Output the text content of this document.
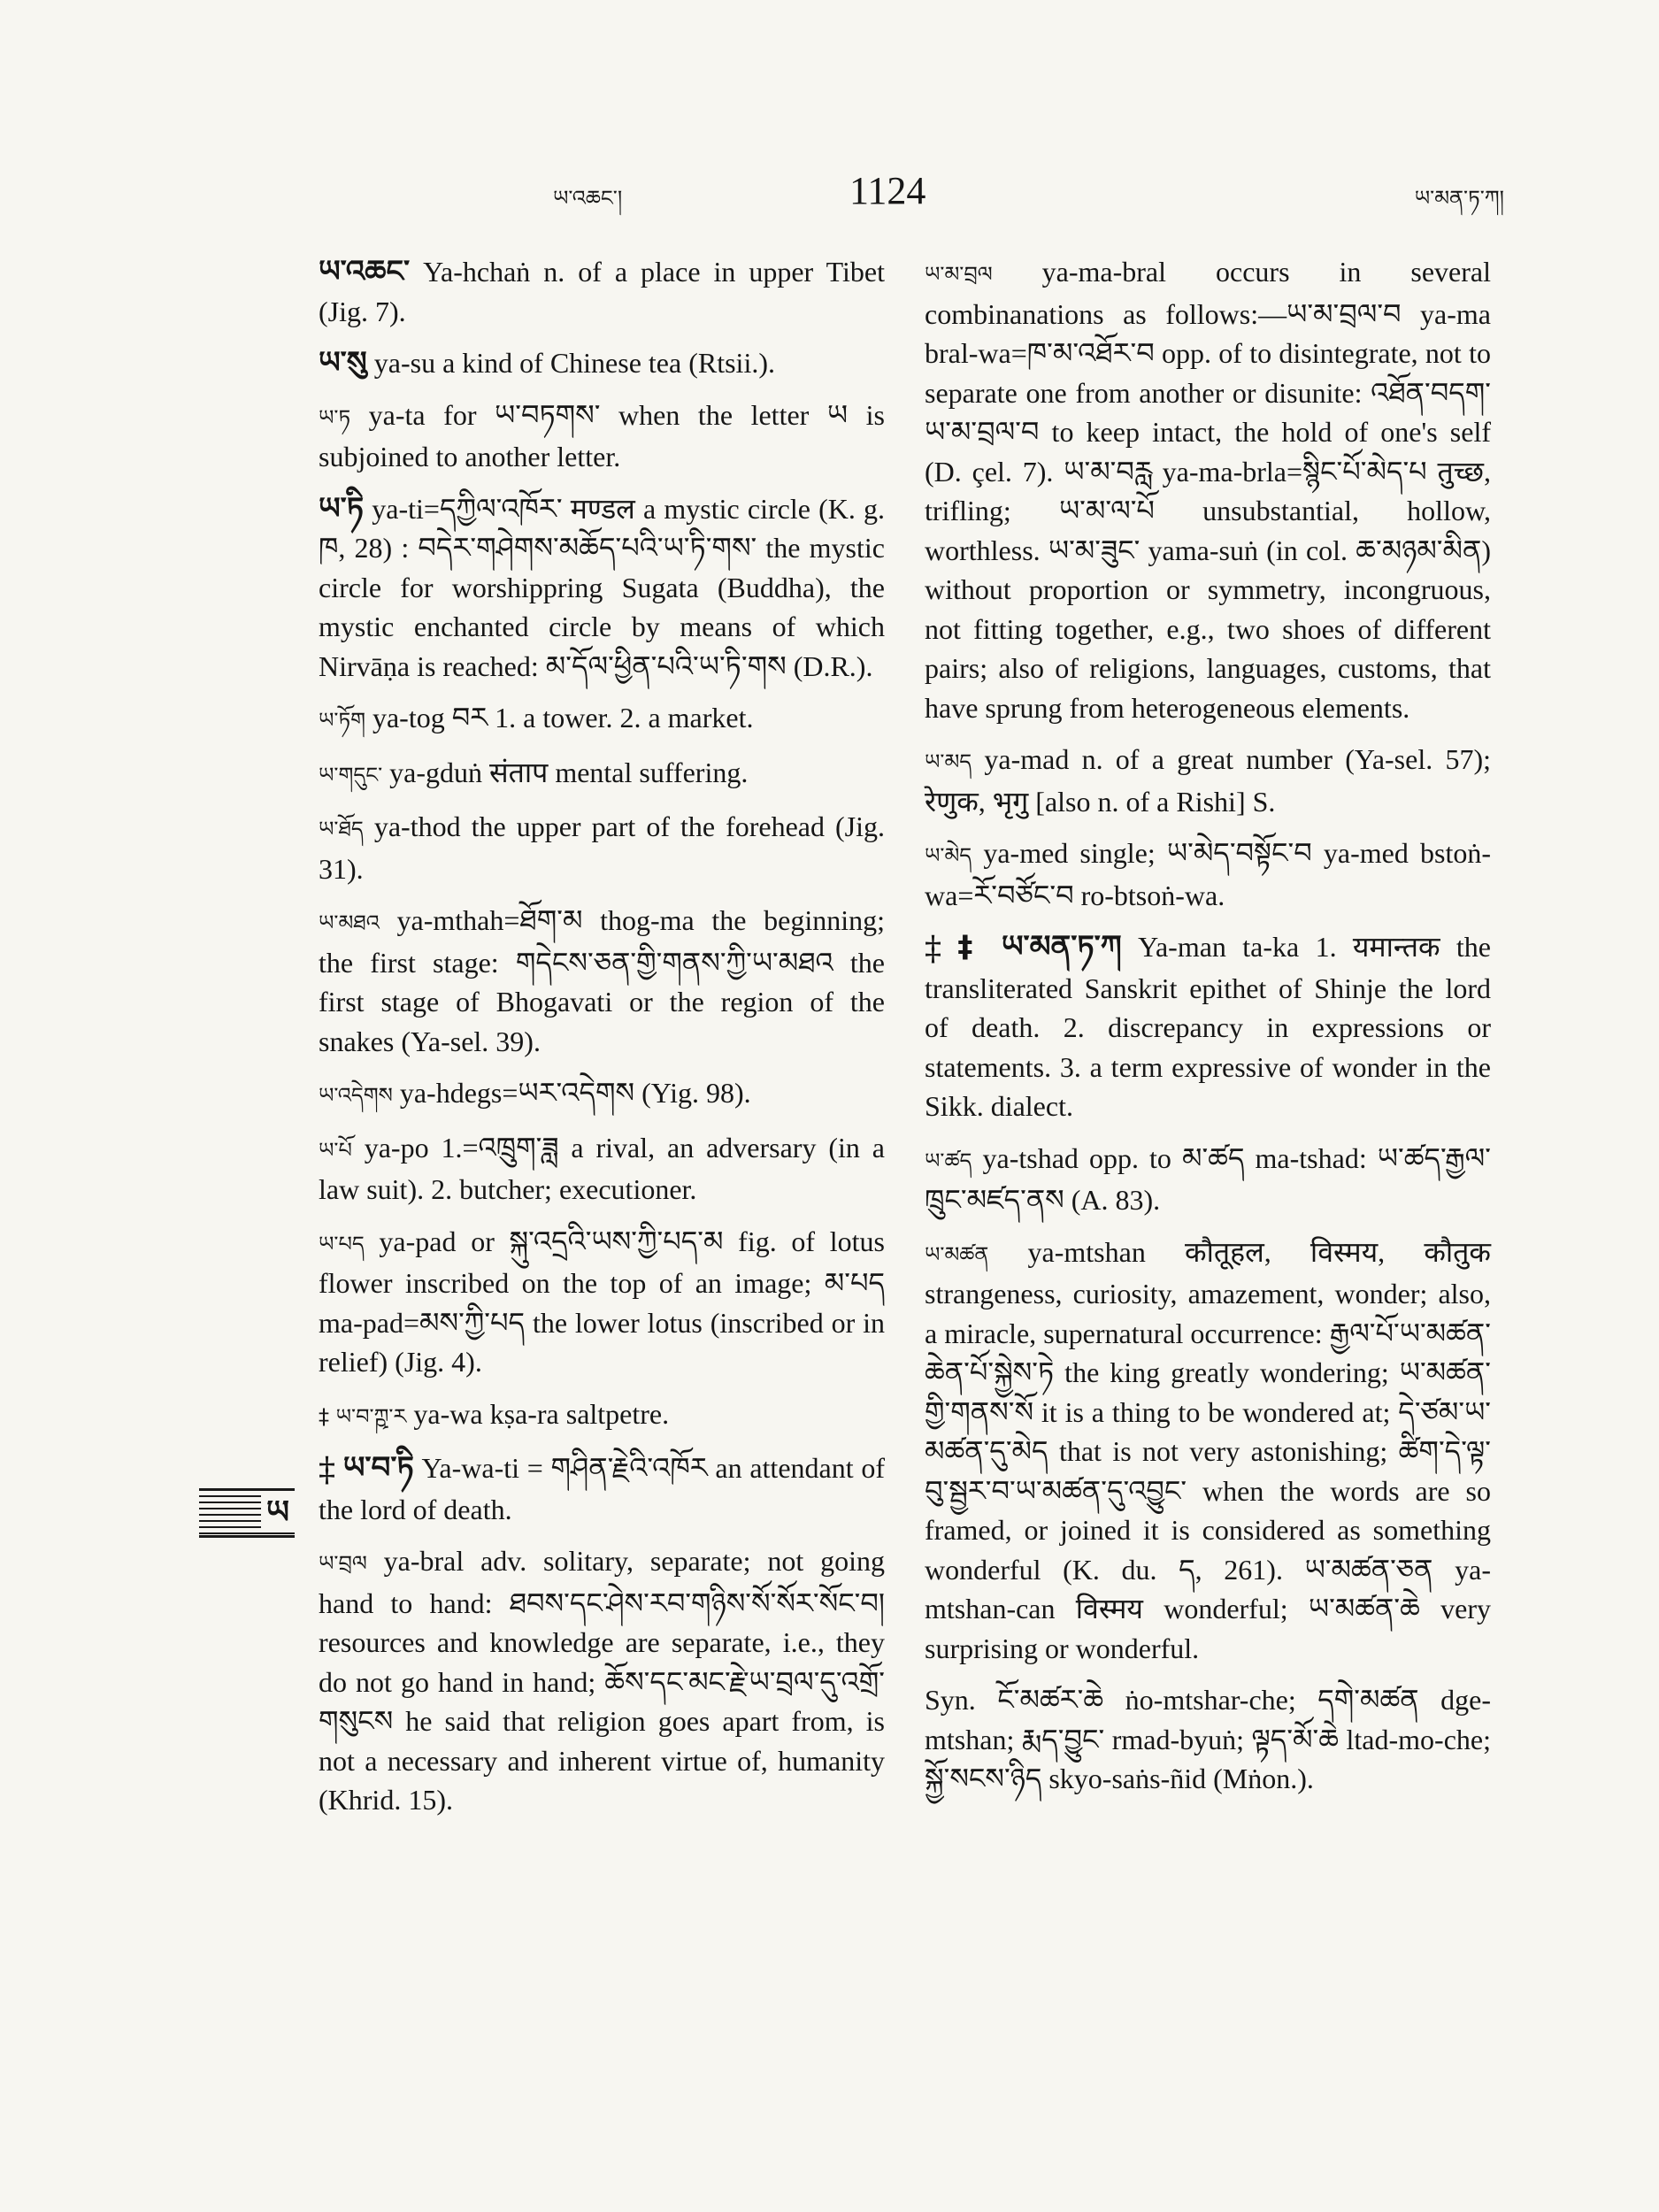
ཡ་འཆང་།	1124	ཡ་མན་ཏ་ཀ།
ཡ

ཡ་འཆང་ Ya-hchaṅ n. of a place in upper Tibet (Jig. 7).

ཡ་སུ ya-su a kind of Chinese tea (Rtsii.).

ཡ་ཏ ya-ta for ཡ་བཏགས་ when the letter ཡ is subjoined to another letter.

ཡ་ཏི ya-ti=དཀྱིལ་འཁོར་ मण्डल a mystic circle (K. g. ཁ, 28) : བདེར་གཤེགས་མཆོད་པའི་ཡ་ཏི་གས་ the mystic circle for worshippring Sugata (Buddha), the mystic enchanted circle by means of which Nirvāṇa is reached: མ་དོལ་ཕྱིན་པའི་ཡ་ཏི་གས (D.R.).

ཡ་ཏོག ya-tog བར 1. a tower. 2. a market.

ཡ་གདུང་ ya-gduṅ संताप mental suffering.

ཡ་ཐོད ya-thod the upper part of the forehead (Jig. 31).

ཡ་མཐའ ya-mthah=ཐོག་མ thog-ma the beginning; the first stage: གདེངས་ཅན་གྱི་གནས་ཀྱི་ཡ་མཐའ the first stage of Bhogavati or the region of the snakes (Ya-sel. 39).

ཡ་འདེགས ya-hdegs=ཡར་འདེགས (Yig. 98).

ཡ་པོ ya-po 1.=འཁྲུག་ཟླ a rival, an adversary (in a law suit). 2. butcher; executioner.

ཡ་པད ya-pad or སྐུ་འདྲའི་ཡས་ཀྱི་པད་མ fig. of lotus flower inscribed on the top of an image; མ་པད ma-pad=མས་ཀྱི་པད the lower lotus (inscribed or in relief) (Jig. 4).

‡ ཡ་བ་ཀྵ་ར ya-wa kṣa-ra saltpetre.

‡ ཡ་བ་ཏི Ya-wa-ti = གཤིན་རྗེའི་འཁོར an attendant of the lord of death.

ཡ་བྲལ ya-bral adv. solitary, separate; not going hand to hand: ཐབས་དང་ཤེས་རབ་གཉིས་སོ་སོར་སོང་བ། resources and knowledge are separate, i.e., they do not go hand in hand; ཆོས་དང་མང་རྗེ་ཡ་བྲལ་དུ་འགྲོ་གསུངས he said that religion goes apart from, is not a necessary and inherent virtue of, humanity (Khrid. 15).

ཡ་མ་བྲལ ya-ma-bral occurs in several combinanations as follows:—ཡ་མ་བྲལ་བ ya-ma bral-wa=ཁ་མ་འཐོར་བ opp. of to disintegrate, not to separate one from another or disunite: འཐོན་བདག་ཡ་མ་བྲལ་བ to keep intact, the hold of one's self (D. çel. 7). ཡ་མ་བརླ ya-ma-brla=སྙིང་པོ་མེད་པ तुच्छ, trifling; ཡ་མ་ལ་པོ unsubstantial, hollow, worthless. ཡ་མ་ཟུང་ yama-suṅ (in col. ཆ་མཉམ་མིན) without proportion or symmetry, incongruous, not fitting together, e.g., two shoes of different pairs; also of religions, languages, customs, that have sprung from heterogeneous elements.

ཡ་མད ya-mad n. of a great number (Ya-sel. 57); रेणुक, भृगु [also n. of a Rishi] S.

ཡ་མེད ya-med single; ཡ་མེད་བསྟོང་བ ya-med bstoṅ-wa=རོ་བཙོང་བ ro-btsoṅ-wa.

‡ ‡ ཡ་མན་ཏ་ཀ Ya-man ta-ka 1. यमान्तक the transliterated Sanskrit epithet of Shinje the lord of death. 2. discrepancy in expressions or statements. 3. a term expressive of wonder in the Sikk. dialect.

ཡ་ཚད ya-tshad opp. to མ་ཚད ma-tshad: ཡ་ཚད་རྒྱལ་ཁྲུང་མཛད་ནས (A. 83).

ཡ་མཚན ya-mtshan कौतूहल, विस्मय, कौतुक strangeness, curiosity, amazement, wonder; also, a miracle, supernatural occurrence: རྒྱལ་པོ་ཡ་མཚན་ཆེན་པོ་སྐྱེས་ཏེ the king greatly wondering; ཡ་མཚན་གྱི་གནས་སོ it is a thing to be wondered at; དེ་ཙམ་ཡ་མཚན་དུ་མེད that is not very astonishing; ཚིག་དེ་ལྟ་བུ་སྦྱར་བ་ཡ་མཚན་དུ་འབྱུང་ when the words are so framed, or joined it is considered as something wonderful (K. du. ད, 261). ཡ་མཚན་ཅན ya-mtshan-can विस्मय wonderful; ཡ་མཚན་ཆེ very surprising or wonderful.

Syn. ངོ་མཚར་ཆེ ṅo-mtshar-che; དགེ་མཚན dge-mtshan; རྨད་བྱུང་ rmad-byuṅ; ལྟད་མོ་ཆེ ltad-mo-che; སྐྱོ་སངས་ཉིད skyo-saṅs-ñid (Mṅon.).
